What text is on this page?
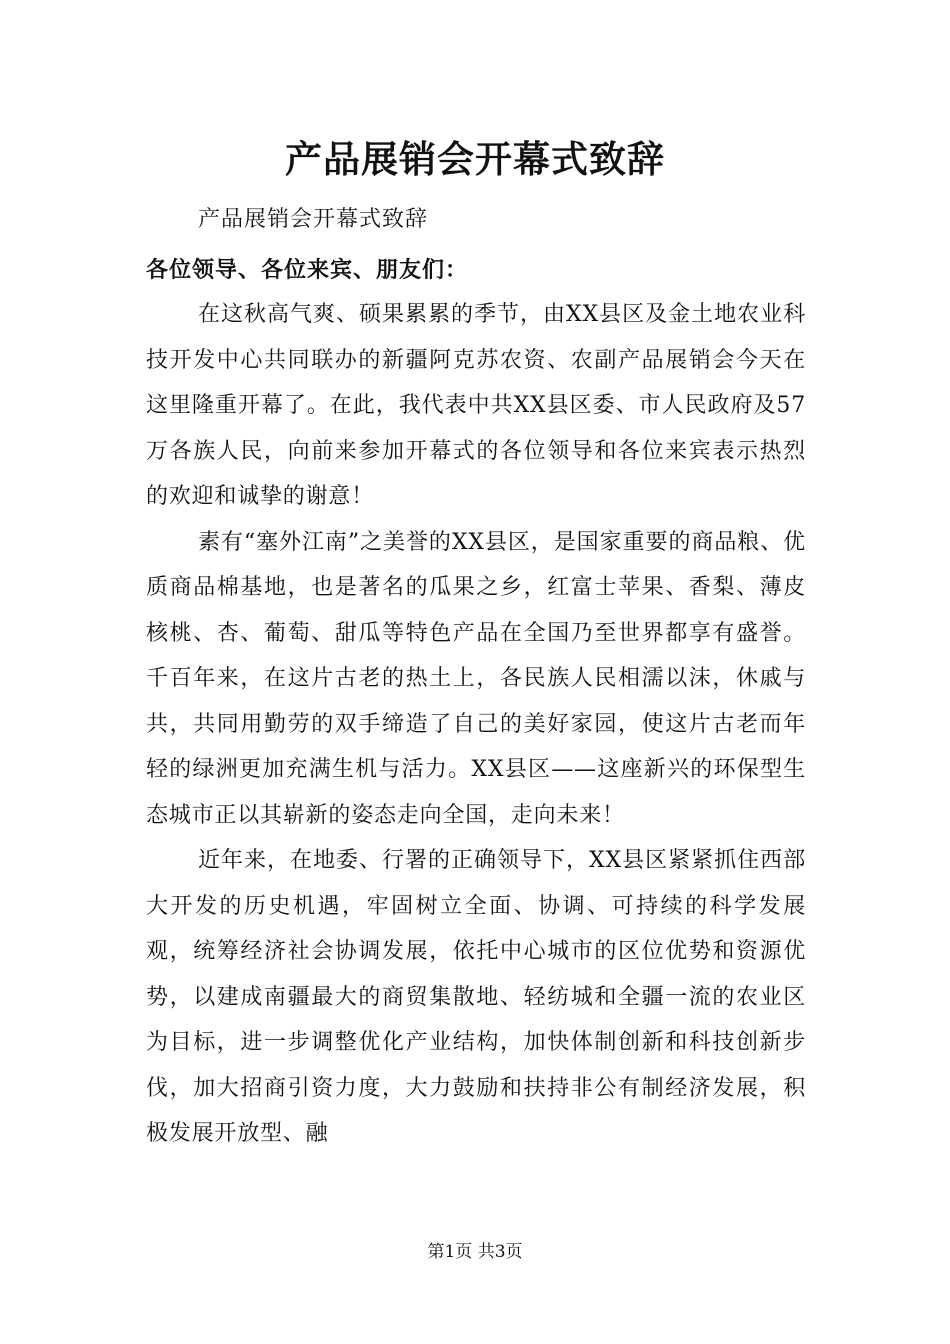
产品展销会开幕式致辞
产品展销会开幕式致辞
各位领导、各位来宾、朋友们：

在这秋高气爽、硕果累累的季节，由XX县区及金土地农业科技开发中心共同联办的新疆阿克苏农资、农副产品展销会今天在这里隆重开幕了。在此，我代表中共XX县区委、市人民政府及57万各族人民，向前来参加开幕式的各位领导和各位来宾表示热烈的欢迎和诚挚的谢意！

素有“塞外江南”之美誉的XX县区，是国家重要的商品粮、优质商品棉基地，也是著名的瓜果之乡，红富士苹果、香梨、薄皮核桃、杏、葡萄、甜瓜等特色产品在全国乃至世界都享有盛誉。千百年来，在这片古老的热土上，各民族人民相濡以沫，休戚与共，共同用勤劳的双手缔造了自己的美好家园，使这片古老而年轻的绿洲更加充满生机与活力。XX县区——这座新兴的环保型生态城市正以其崭新的姿态走向全国，走向未来！

近年来，在地委、行署的正确领导下，XX县区紧紧抓住西部大开发的历史机遇，牢固树立全面、协调、可持续的科学发展观，统筹经济社会协调发展，依托中心城市的区位优势和资源优势，以建成南疆最大的商贸集散地、轻纺城和全疆一流的农业区为目标，进一步调整优化产业结构，加快体制创新和科技创新步伐，加大招商引资力度，大力鼓励和扶持非公有制经济发展，积极发展开放型、融

第1页 共3页
